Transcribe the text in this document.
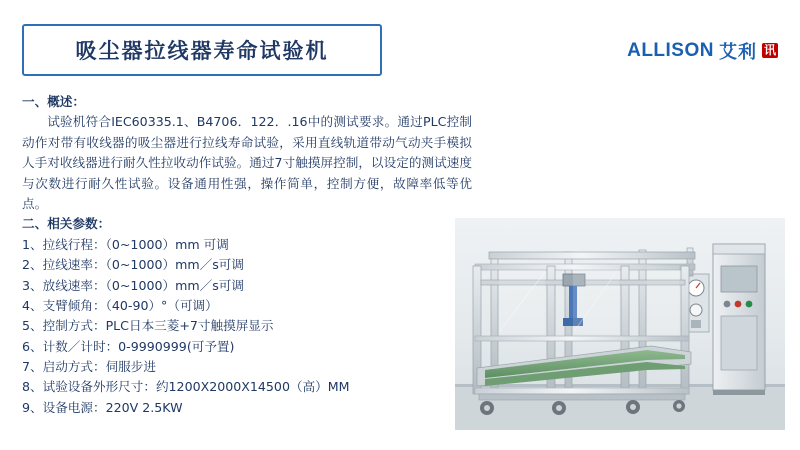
吸尘器拉线器寿命试验机	ALLISON 艾利 讯
一、概述：
试验机符合IEC60335.1、B4706．122．.16中的测试要求。通过PLC控制动作对带有收线器的吸尘器进行拉线寿命试验，采用直线轨道带动气动夹手模拟人手对收线器进行耐久性拉收动作试验。通过7寸触摸屏控制，以设定的测试速度与次数进行耐久性试验。设备通用性强，操作简单，控制方便，故障率低等优点。
二、相关参数：
1、拉线行程：（0~1000）mm 可调
2、拉线速率：（0~1000）mm／s可调
3、放线速率：（0~1000）mm／s可调
4、支臂倾角：（40-90）°（可调）
5、控制方式：PLC日本三菱+7寸触摸屏显示
6、计数／计时：0-9990999(可予置)
7、启动方式：伺服步进
8、试验设备外形尺寸：约1200X2000X14500（高）MM
9、设备电源：220V 2.5KW
